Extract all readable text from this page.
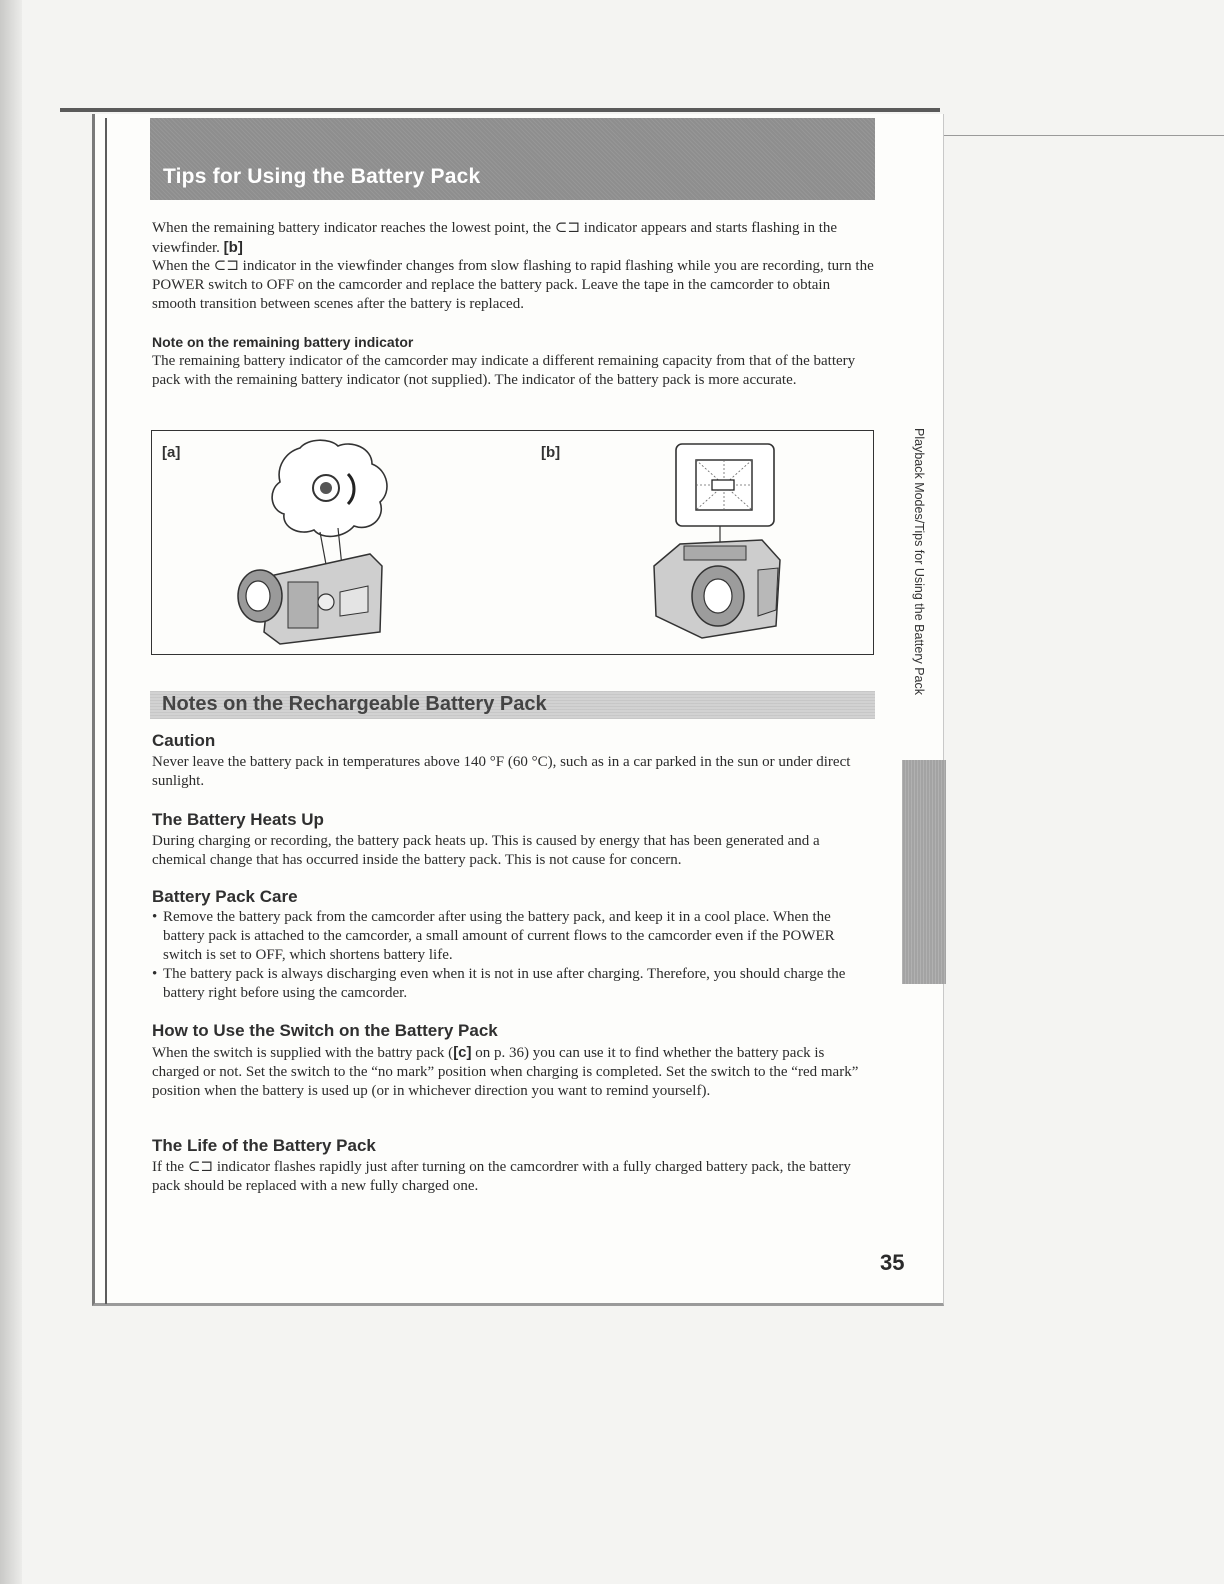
Tips for Using the Battery Pack

When the remaining battery indicator reaches the lowest point, the ⊂⊐ indicator appears and starts flashing in the viewfinder. [b]

When the ⊂⊐ indicator in the viewfinder changes from slow flashing to rapid flashing while you are recording, turn the POWER switch to OFF on the camcorder and replace the battery pack. Leave the tape in the camcorder to obtain smooth transition between scenes after the battery is replaced.

Note on the remaining battery indicator

The remaining battery indicator of the camcorder may indicate a different remaining capacity from that of the battery pack with the remaining battery indicator (not supplied). The indicator of the battery pack is more accurate.

[a]	[b]

Notes on the Rechargeable Battery Pack
Caution

Never leave the battery pack in temperatures above 140 °F (60 °C), such as in a car parked in the sun or under direct sunlight.

The Battery Heats Up

During charging or recording, the battery pack heats up. This is caused by energy that has been generated and a chemical change that has occurred inside the battery pack. This is not cause for concern.

Battery Pack Care

• Remove the battery pack from the camcorder after using the battery pack, and keep it in a cool place. When the battery pack is attached to the camcorder, a small amount of current flows to the camcorder even if the POWER switch is set to OFF, which shortens battery life.

• The battery pack is always discharging even when it is not in use after charging. Therefore, you should charge the battery right before using the camcorder.

How to Use the Switch on the Battery Pack

When the switch is supplied with the battry pack ([c] on p. 36) you can use it to find whether the battery pack is charged or not. Set the switch to the “no mark” position when charging is completed. Set the switch to the “red mark” position when the battery is used up (or in whichever direction you want to remind yourself).

The Life of the Battery Pack

If the ⊂⊐ indicator flashes rapidly just after turning on the camcordrer with a fully charged battery pack, the battery pack should be replaced with a new fully charged one.

Playback Modes/Tips for Using the Battery Pack

35
